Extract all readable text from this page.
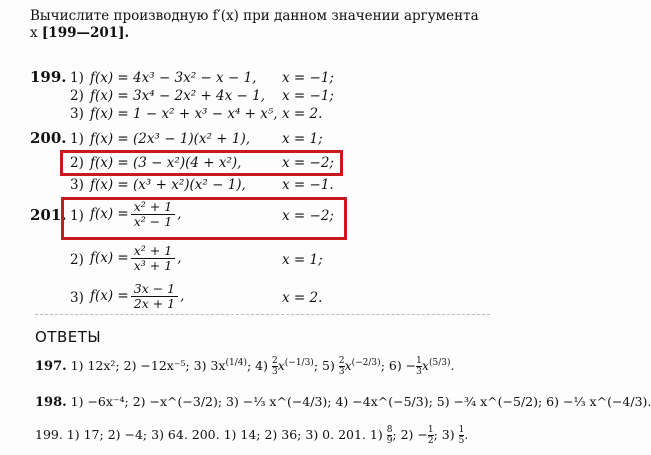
Вычислите производную f′(x) при данном значении аргумента x [199—201].
199. 1) f(x) = 4x³ − 3x² − x − 1, x = −1;
2) f(x) = 3x⁴ − 2x² + 4x − 1, x = −1;
3) f(x) = 1 − x² + x³ − x⁴ + x⁵, x = 2.
200. 1) f(x) = (2x³ − 1)(x² + 1), x = 1;
2) f(x) = (3 − x²)(4 + x²),	x = −2;
3) f(x) = (x³ + x²)(x² − 1),	x = −1.
201. 1) $f(x) = \frac{\text{x² + 1}}{\text{x² − 1}}$ ,	x = −2;
2) $f(x) = \frac{\text{x² + 1}}{\text{x³ + 1}}$ ,	x = 1;
3) $f(x) = \frac{3x - 1}{2x + 1}$ ,	x = 2.
ОТВЕТЫ
197. 1) 12x²; 2) −12x⁻⁵; 3) $3x^{(1/4)}$; $4) \frac{2}{3} x^{(-1/3)}$; $5) \frac{2}{3} x^{(-2/3)}$; $6) - \frac{1}{3} x^{(5/3)}$.
198. 1) −6x⁻⁴; 2) −x^(−3/2); 3) −⅓ x^(−4/3); 4) −4x^(−5/3); 5) −¾ x^(−5/2); 6) −⅓ x^(−4/3).
199. 1) 17; 2) −4; 3) 64. 200. 1) 14; 2) 36; 3) 0. 201. $1) \frac{8}{9}$ ; $2) - \frac{1}{2}$ ; $3) \frac{1}{5}$ .
